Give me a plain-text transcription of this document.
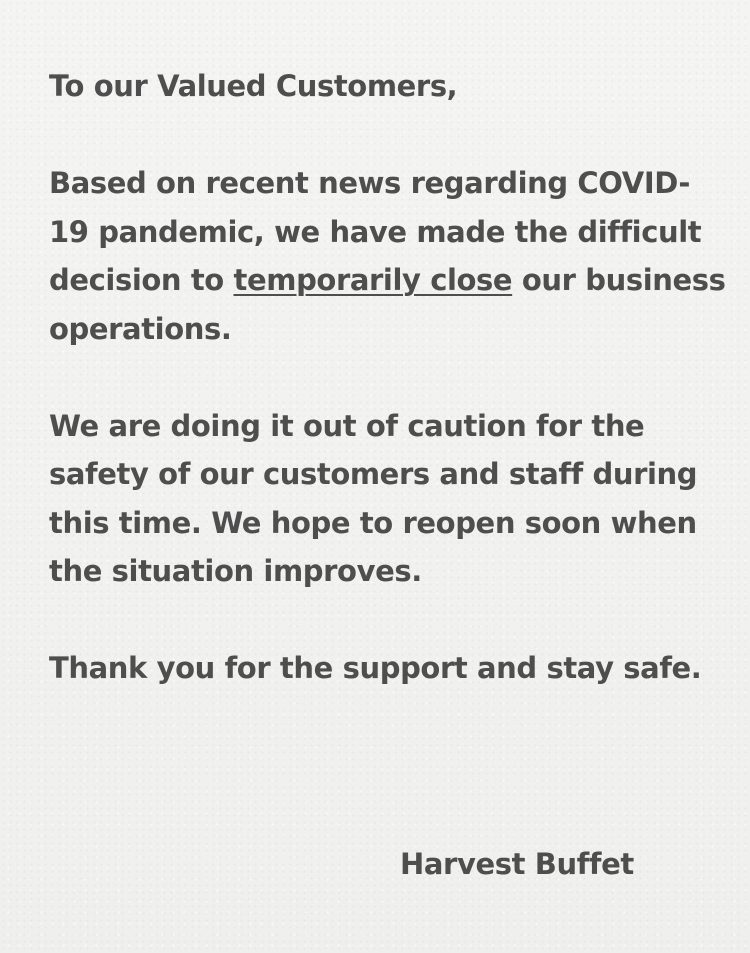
To our Valued Customers,

Based on recent news regarding COVID-19 pandemic, we have made the difficult decision to temporarily close our business operations.

We are doing it out of caution for the safety of our customers and staff during this time. We hope to reopen soon when the situation improves.

Thank you for the support and stay safe.

Harvest Buffet
